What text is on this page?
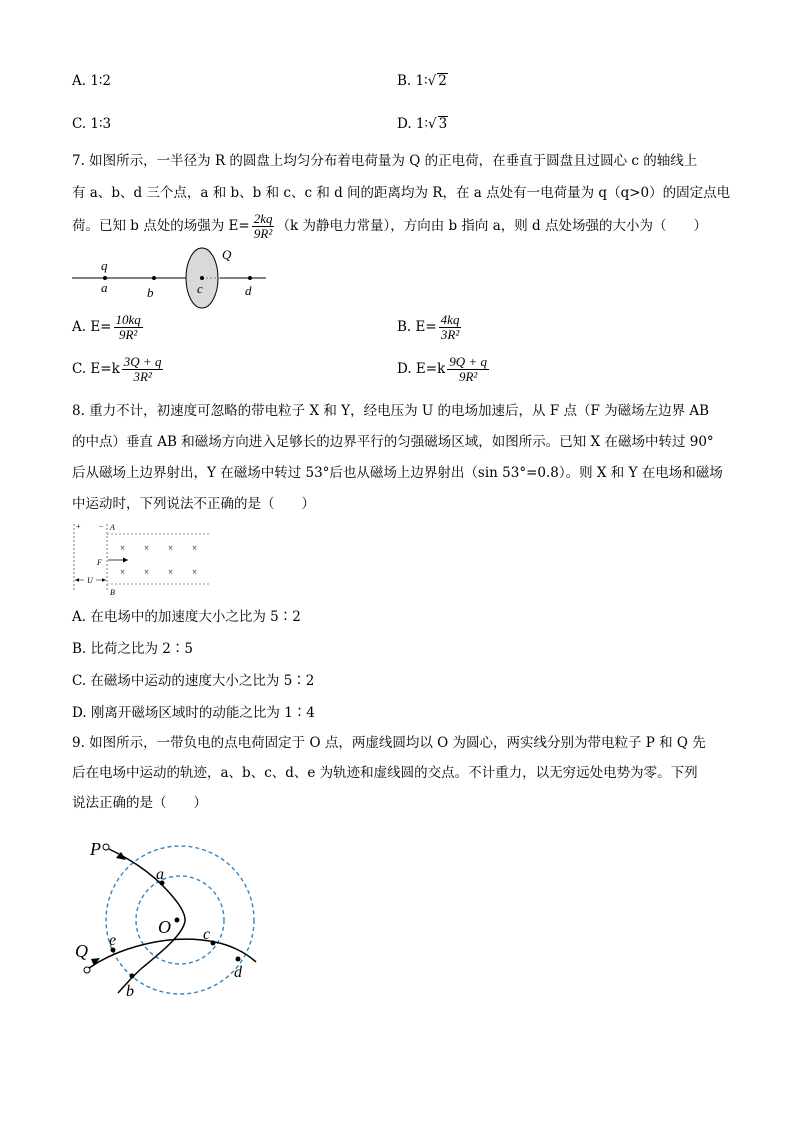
A. 1∶2	B. 1∶√ 2
C. 1∶3	D. 1∶√ 3
7. 如图所示，一半径为 R 的圆盘上均匀分布着电荷量为 Q 的正电荷，在垂直于圆盘且过圆心 c 的轴线上
有 a、b、d 三个点，a 和 b、b 和 c、c 和 d 间的距离均为 R，在 a 点处有一电荷量为 q（q>0）的固定点电
荷。已知 b 点处的场强为 $E= \frac{2kq}{\text{9R²}} (k$ 为静电力常量），方向由 b 指向 a，则 d 点处场强的大小为（　　）
q
a	b	c
Q
d
A. $E= \frac{10kq}{\text{9R²}}$	B. $E= \frac{4kq}{\text{3R²}}$
C. $E=k \frac{3Q + q}{\text{3R²}}$	D. $E=k \frac{9Q + q}{\text{9R²}}$
8. 重力不计，初速度可忽略的带电粒子 X 和 Y，经电压为 U 的电场加速后，从 F 点（F 为磁场左边界 AB
的中点）垂直 AB 和磁场方向进入足够长的边界平行的匀强磁场区域，如图所示。已知 X 在磁场中转过 90°
后从磁场上边界射出，Y 在磁场中转过 53°后也从磁场上边界射出（sin 53°=0.8）。则 X 和 Y 在电场和磁场
中运动时，下列说法不正确的是（　　）
+ − A
B
F
U
× × × ×
× × × ×
A. 在电场中的加速度大小之比为 5∶2
B. 比荷之比为 2∶5
C. 在磁场中运动的速度大小之比为 5∶2
D. 刚离开磁场区域时的动能之比为 1∶4
9. 如图所示，一带负电的点电荷固定于 O 点，两虚线圆均以 O 为圆心，两实线分别为带电粒子 P 和 Q 先
后在电场中运动的轨迹，a、b、c、d、e 为轨迹和虚线圆的交点。不计重力，以无穷远处电势为零。下列
说法正确的是（　　）
P
Q
O
a
b
c
d
e
